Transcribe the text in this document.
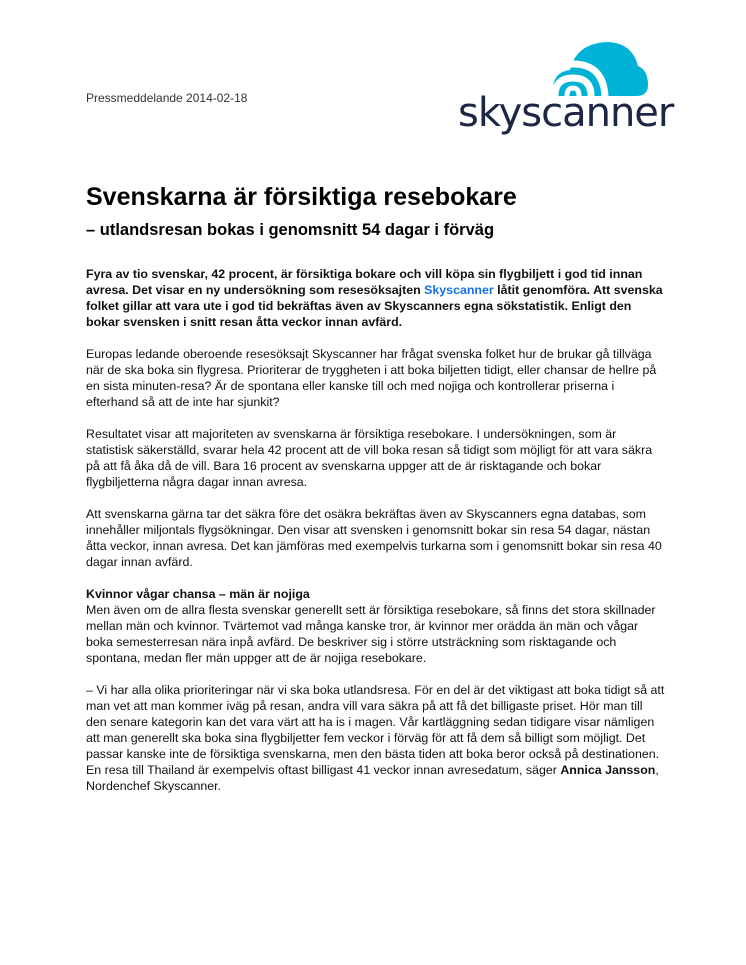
Pressmeddelande 2014-02-18	skyscanner
Svenskarna är försiktiga resebokare
– utlandsresan bokas i genomsnitt 54 dagar i förväg

Fyra av tio svenskar, 42 procent, är försiktiga bokare och vill köpa sin flygbiljett i god tid innan avresa. Det visar en ny undersökning som resesöksajten Skyscanner låtit genomföra. Att svenska folket gillar att vara ute i god tid bekräftas även av Skyscanners egna sökstatistik. Enligt den bokar svensken i snitt resan åtta veckor innan avfärd.

Europas ledande oberoende resesöksajt Skyscanner har frågat svenska folket hur de brukar gå tillväga när de ska boka sin flygresa. Prioriterar de tryggheten i att boka biljetten tidigt, eller chansar de hellre på en sista minuten-resa? Är de spontana eller kanske till och med nojiga och kontrollerar priserna i efterhand så att de inte har sjunkit?

Resultatet visar att majoriteten av svenskarna är försiktiga resebokare. I undersökningen, som är statistisk säkerställd, svarar hela 42 procent att de vill boka resan så tidigt som möjligt för att vara säkra på att få åka då de vill. Bara 16 procent av svenskarna uppger att de är risktagande och bokar flygbiljetterna några dagar innan avresa.

Att svenskarna gärna tar det säkra före det osäkra bekräftas även av Skyscanners egna databas, som innehåller miljontals flygsökningar. Den visar att svensken i genomsnitt bokar sin resa 54 dagar, nästan åtta veckor, innan avresa. Det kan jämföras med exempelvis turkarna som i genomsnitt bokar sin resa 40 dagar innan avfärd.

Kvinnor vågar chansa – män är nojiga
Men även om de allra flesta svenskar generellt sett är försiktiga resebokare, så finns det stora skillnader mellan män och kvinnor. Tvärtemot vad många kanske tror, är kvinnor mer orädda än män och vågar boka semesterresan nära inpå avfärd. De beskriver sig i större utsträckning som risktagande och spontana, medan fler män uppger att de är nojiga resebokare.

– Vi har alla olika prioriteringar när vi ska boka utlandsresa. För en del är det viktigast att boka tidigt så att man vet att man kommer iväg på resan, andra vill vara säkra på att få det billigaste priset. Hör man till den senare kategorin kan det vara värt att ha is i magen. Vår kartläggning sedan tidigare visar nämligen att man generellt ska boka sina flygbiljetter fem veckor i förväg för att få dem så billigt som möjligt. Det passar kanske inte de försiktiga svenskarna, men den bästa tiden att boka beror också på destinationen. En resa till Thailand är exempelvis oftast billigast 41 veckor innan avresedatum, säger Annica Jansson, Nordenchef Skyscanner.
